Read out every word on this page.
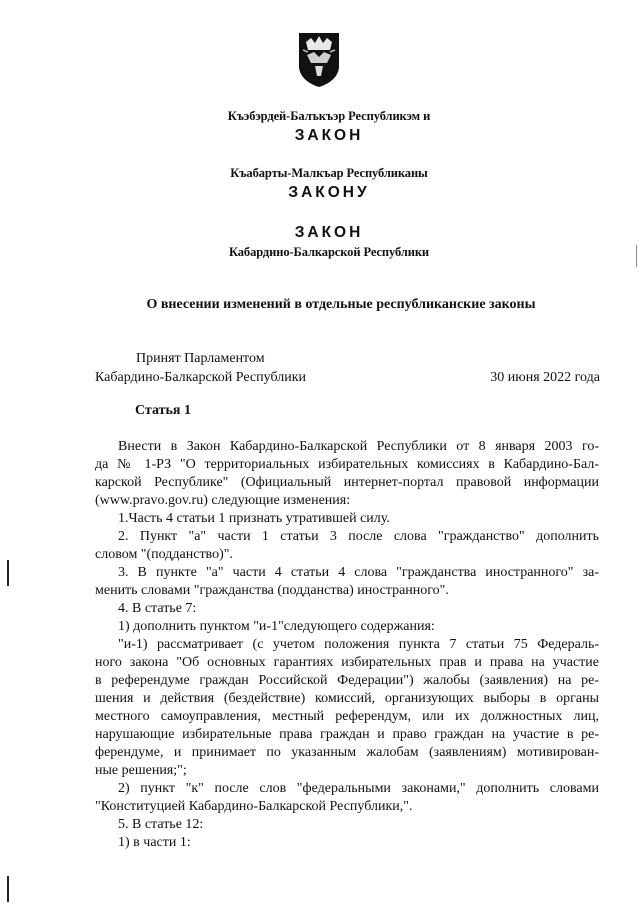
Къэбэрдей-Балъкъэр Республикэм и
ЗАКОН
Къабарты-Малкъар Республиканы
ЗАКОНУ
ЗАКОН
Кабардино-Балкарской Республики
О внесении изменений в отдельные республиканские законы
Принят Парламентом
Кабардино-Балкарской Республики	30 июня 2022 года
Статья 1
Внести в Закон Кабардино-Балкарской Республики от 8 января 2003 го-
да № 1-РЗ "О территориальных избирательных комиссиях в Кабардино-Бал-
карской Республике" (Официальный интернет-портал правовой информации
(www.pravo.gov.ru) следующие изменения:
1.Часть 4 статьи 1 признать утратившей силу.
2. Пункт "а" части 1 статьи 3 после слова "гражданство" дополнить
словом "(подданство)".
3. В пункте "а" части 4 статьи 4 слова "гражданства иностранного" за-
менить словами "гражданства (подданства) иностранного".
4. В статье 7:
1) дополнить пунктом "и-1"следующего содержания:
"и-1) рассматривает (с учетом положения пункта 7 статьи 75 Федераль-
ного закона "Об основных гарантиях избирательных прав и права на участие
в референдуме граждан Российской Федерации") жалобы (заявления) на ре-
шения и действия (бездействие) комиссий, организующих выборы в органы
местного самоуправления, местный референдум, или их должностных лиц,
нарушающие избирательные права граждан и право граждан на участие в ре-
ферендуме, и принимает по указанным жалобам (заявлениям) мотивирован-
ные решения;";
2) пункт "к" после слов "федеральными законами," дополнить словами
"Конституцией Кабардино-Балкарской Республики,".
5. В статье 12:
1) в части 1:
